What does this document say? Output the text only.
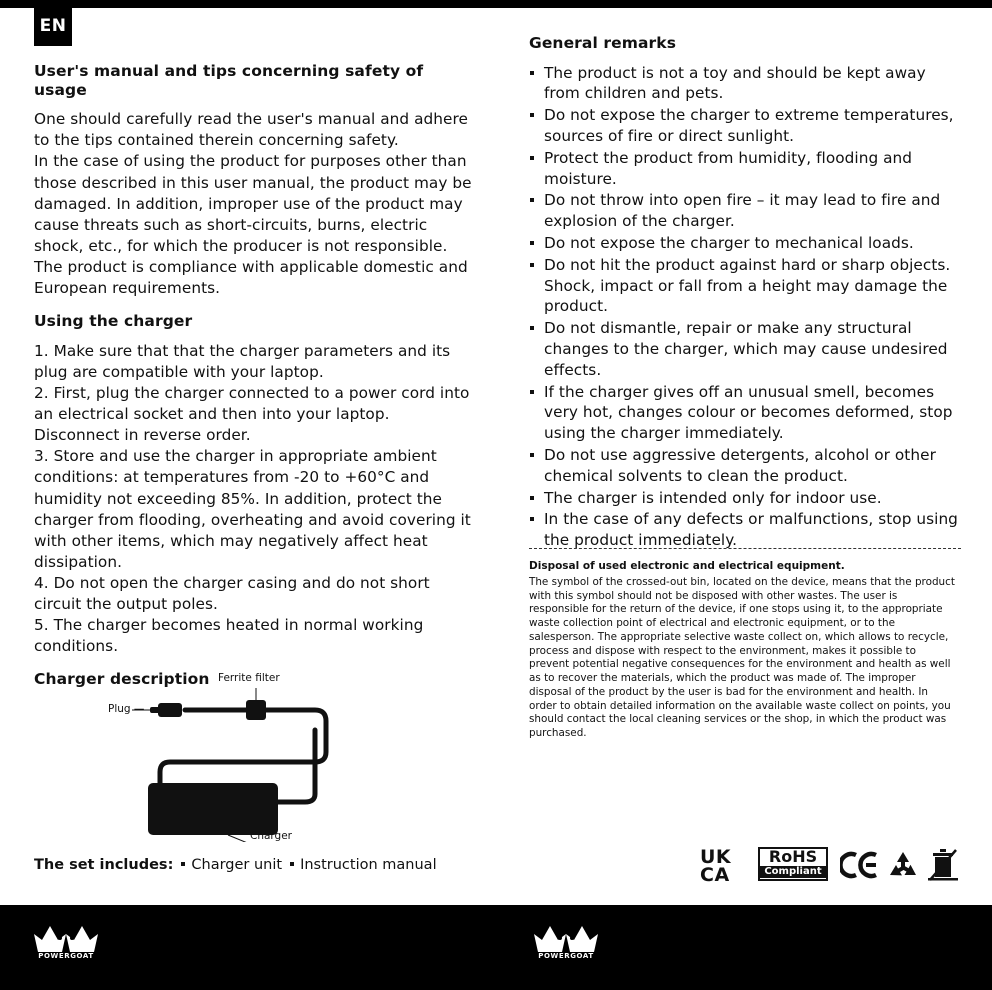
EN
User's manual and tips concerning safety of usage

One should carefully read the user's manual and adhere to the tips contained therein concerning safety.

In the case of using the product for purposes other than those described in this user manual, the product may be damaged. In addition, improper use of the product may cause threats such as short-circuits, burns, electric shock, etc., for which the producer is not responsible.

The product is compliance with applicable domestic and European requirements.

Using the charger

1. Make sure that that the charger parameters and its plug are compatible with your laptop.

2. First, plug the charger connected to a power cord into an electrical socket and then into your laptop. Disconnect in reverse order.

3. Store and use the charger in appropriate ambient conditions: at temperatures from -20 to +60°C and humidity not exceeding 85%. In addition, protect the charger from flooding, overheating and avoid covering it with other items, which may negatively affect heat dissipation.

4. Do not open the charger casing and do not short circuit the output poles.

5. The charger becomes heated in normal working conditions.

Charger description Ferrite filter
Plug —
Charger
The set includes: Charger unit Instruction manual
General remarks
The product is not a toy and should be kept away from children and pets.
Do not expose the charger to extreme temperatures, sources of fire or direct sunlight.
Protect the product from humidity, flooding and moisture.
Do not throw into open fire – it may lead to fire and explosion of the charger.
Do not expose the charger to mechanical loads.
Do not hit the product against hard or sharp objects. Shock, impact or fall from a height may damage the product.
Do not dismantle, repair or make any structural changes to the charger, which may cause undesired effects.
If the charger gives off an unusual smell, becomes very hot, changes colour or becomes deformed, stop using the charger immediately.
Do not use aggressive detergents, alcohol or other chemical solvents to clean the product.
The charger is intended only for indoor use.
In the case of any defects or malfunctions, stop using the product immediately.
Disposal of used electronic and electrical equipment.

The symbol of the crossed-out bin, located on the device, means that the product with this symbol should not be disposed with other wastes. The user is responsible for the return of the device, if one stops using it, to the appropriate waste collection point of electrical and electronic equipment, or to the salesperson. The appropriate selective waste collect on, which allows to recycle, process and dispose with respect to the environment, makes it possible to prevent potential negative consequences for the environment and health as well as to recover the materials, which the product was made of. The improper disposal of the product by the user is bad for the environment and health. In order to obtain detailed information on the available waste collect on points, you should contact the local cleaning services or the shop, in which the product was purchased.

UK
CA
RoHS
Compliant
POWERGOAT	POWERGOAT
